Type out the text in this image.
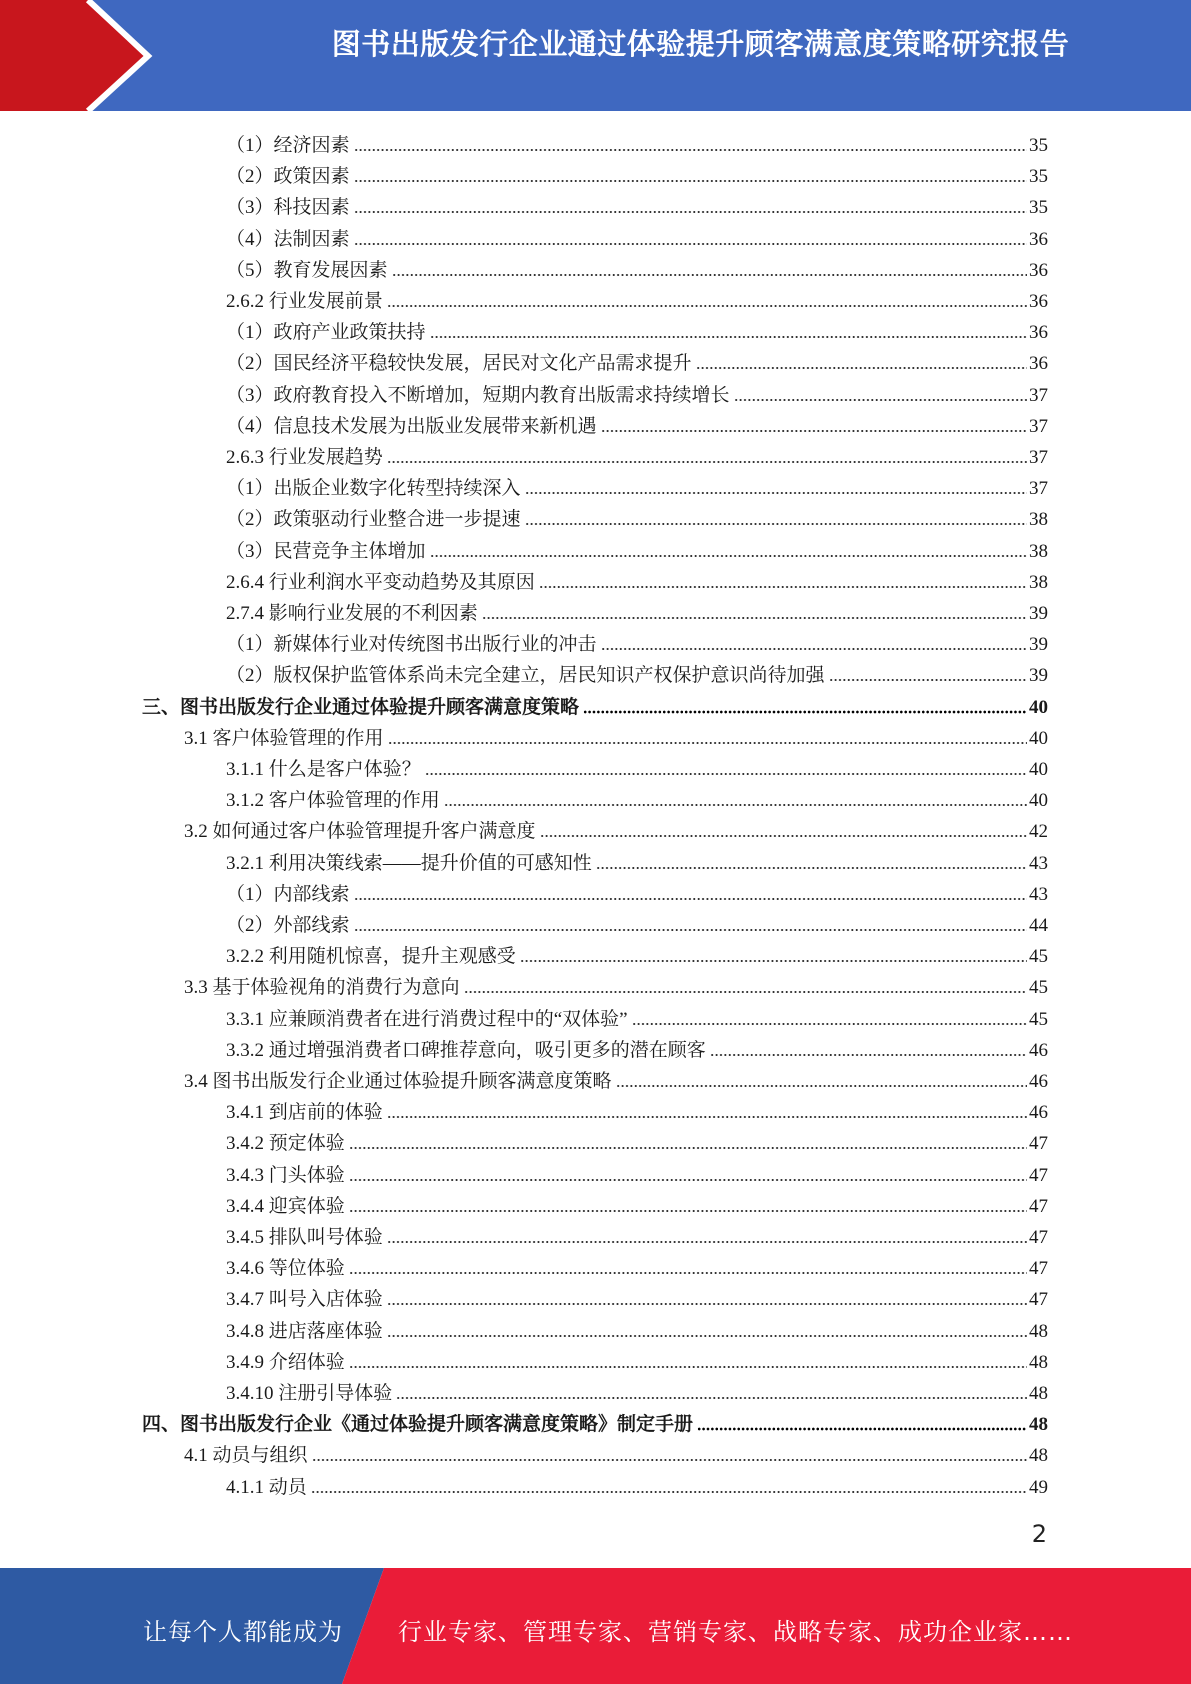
图书出版发行企业通过体验提升顾客满意度策略研究报告
（1）经济因素	35
（2）政策因素	35
（3）科技因素	35
（4）法制因素	36
（5）教育发展因素	36
2.6.2 行业发展前景	36
（1）政府产业政策扶持	36
（2）国民经济平稳较快发展，居民对文化产品需求提升	36
（3）政府教育投入不断增加，短期内教育出版需求持续增长	37
（4）信息技术发展为出版业发展带来新机遇	37
2.6.3 行业发展趋势	37
（1）出版企业数字化转型持续深入	37
（2）政策驱动行业整合进一步提速	38
（3）民营竞争主体增加	38
2.6.4 行业利润水平变动趋势及其原因	38
2.7.4 影响行业发展的不利因素	39
（1）新媒体行业对传统图书出版行业的冲击	39
（2）版权保护监管体系尚未完全建立，居民知识产权保护意识尚待加强	39
三、图书出版发行企业通过体验提升顾客满意度策略	40
3.1 客户体验管理的作用	40
3.1.1 什么是客户体验？	40
3.1.2 客户体验管理的作用	40
3.2 如何通过客户体验管理提升客户满意度	42
3.2.1 利用决策线索——提升价值的可感知性	43
（1）内部线索	43
（2）外部线索	44
3.2.2 利用随机惊喜，提升主观感受	45
3.3 基于体验视角的消费行为意向	45
3.3.1 应兼顾消费者在进行消费过程中的“双体验”	45
3.3.2 通过增强消费者口碑推荐意向，吸引更多的潜在顾客	46
3.4 图书出版发行企业通过体验提升顾客满意度策略	46
3.4.1 到店前的体验	46
3.4.2 预定体验	47
3.4.3 门头体验	47
3.4.4 迎宾体验	47
3.4.5 排队叫号体验	47
3.4.6 等位体验	47
3.4.7 叫号入店体验	47
3.4.8 进店落座体验	48
3.4.9 介绍体验	48
3.4.10 注册引导体验	48
四、图书出版发行企业《通过体验提升顾客满意度策略》制定手册	48
4.1 动员与组织	48
4.1.1 动员	49
2
让每个人都能成为 行业专家、管理专家、营销专家、战略专家、成功企业家……
